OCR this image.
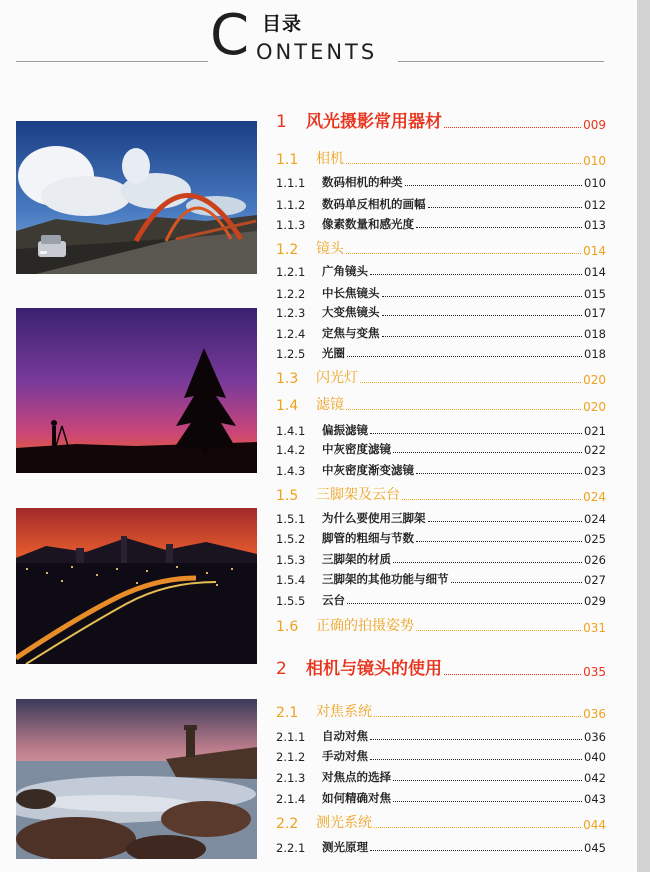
C 目录
ONTENTS
1	风光摄影常用器材	009
1.1	相机	010
1.1.1	数码相机的种类	010
1.1.2	数码单反相机的画幅	012
1.1.3	像素数量和感光度	013
1.2	镜头	014
1.2.1	广角镜头	014
1.2.2	中长焦镜头	015
1.2.3	大变焦镜头	017
1.2.4	定焦与变焦	018
1.2.5	光圈	018
1.3	闪光灯	020
1.4	滤镜	020
1.4.1	偏振滤镜	021
1.4.2	中灰密度滤镜	022
1.4.3	中灰密度渐变滤镜	023
1.5	三脚架及云台	024
1.5.1	为什么要使用三脚架	024
1.5.2	脚管的粗细与节数	025
1.5.3	三脚架的材质	026
1.5.4	三脚架的其他功能与细节	027
1.5.5	云台	029
1.6	正确的拍摄姿势	031
2	相机与镜头的使用	035
2.1	对焦系统	036
2.1.1	自动对焦	036
2.1.2	手动对焦	040
2.1.3	对焦点的选择	042
2.1.4	如何精确对焦	043
2.2	测光系统	044
2.2.1	测光原理	045
